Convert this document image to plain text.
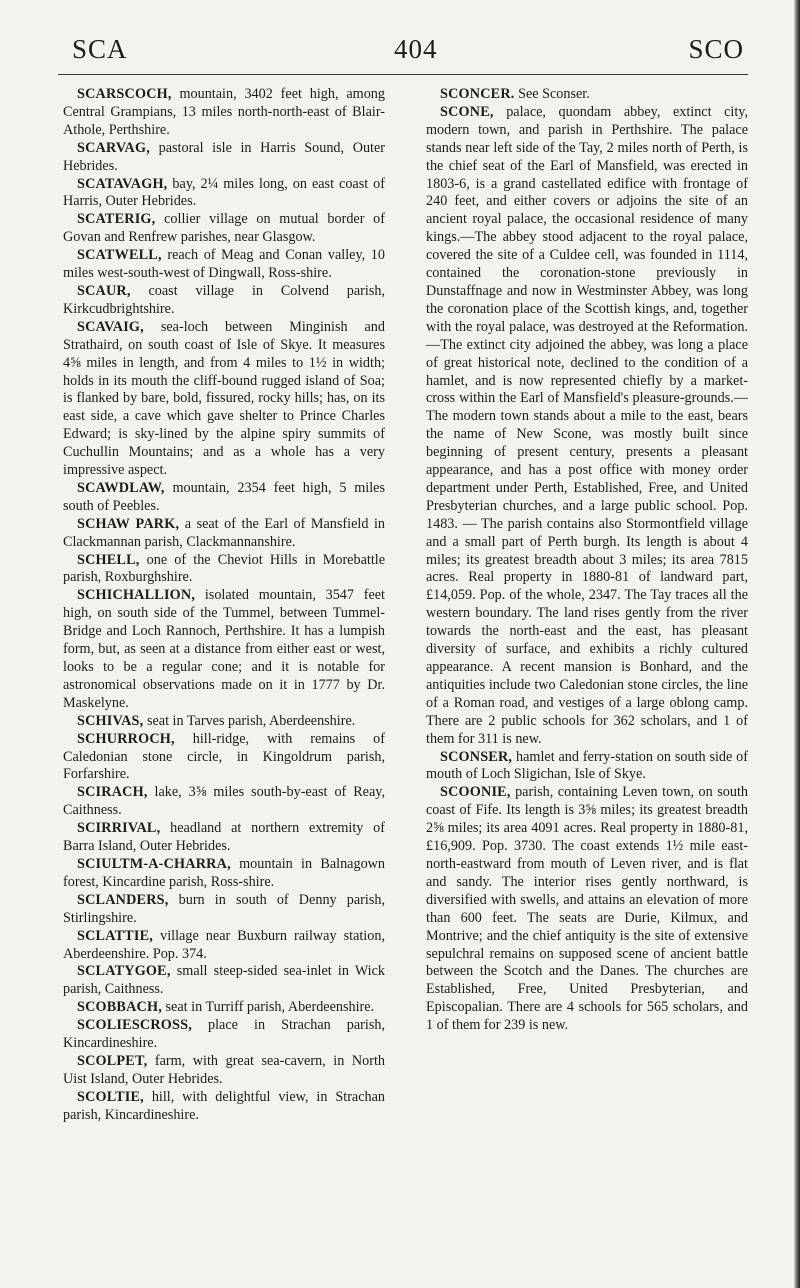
SCA	404	SCO

SCARSCOCH, mountain, 3402 feet high, among Central Grampians, 13 miles north-north-east of Blair-Athole, Perthshire.

SCARVAG, pastoral isle in Harris Sound, Outer Hebrides.

SCATAVAGH, bay, 2¼ miles long, on east coast of Harris, Outer Hebrides.

SCATERIG, collier village on mutual border of Govan and Renfrew parishes, near Glasgow.

SCATWELL, reach of Meag and Conan valley, 10 miles west-south-west of Dingwall, Ross-shire.

SCAUR, coast village in Colvend parish, Kirkcudbrightshire.

SCAVAIG, sea-loch between Minginish and Strathaird, on south coast of Isle of Skye. It measures 4⅝ miles in length, and from 4 miles to 1½ in width; holds in its mouth the cliff-bound rugged island of Soa; is flanked by bare, bold, fissured, rocky hills; has, on its east side, a cave which gave shelter to Prince Charles Edward; is sky-lined by the alpine spiry summits of Cuchullin Mountains; and as a whole has a very impressive aspect.

SCAWDLAW, mountain, 2354 feet high, 5 miles south of Peebles.

SCHAW PARK, a seat of the Earl of Mansfield in Clackmannan parish, Clackmannanshire.

SCHELL, one of the Cheviot Hills in Morebattle parish, Roxburghshire.

SCHICHALLION, isolated mountain, 3547 feet high, on south side of the Tummel, between Tummel-Bridge and Loch Rannoch, Perthshire. It has a lumpish form, but, as seen at a distance from either east or west, looks to be a regular cone; and it is notable for astronomical observations made on it in 1777 by Dr. Maskelyne.

SCHIVAS, seat in Tarves parish, Aberdeenshire.

SCHURROCH, hill-ridge, with remains of Caledonian stone circle, in Kingoldrum parish, Forfarshire.

SCIRACH, lake, 3⅝ miles south-by-east of Reay, Caithness.

SCIRRIVAL, headland at northern extremity of Barra Island, Outer Hebrides.

SCIULTM-A-CHARRA, mountain in Balnagown forest, Kincardine parish, Ross-shire.

SCLANDERS, burn in south of Denny parish, Stirlingshire.

SCLATTIE, village near Buxburn railway station, Aberdeenshire. Pop. 374.

SCLATYGOE, small steep-sided sea-inlet in Wick parish, Caithness.

SCOBBACH, seat in Turriff parish, Aberdeenshire.

SCOLIESCROSS, place in Strachan parish, Kincardineshire.

SCOLPET, farm, with great sea-cavern, in North Uist Island, Outer Hebrides.

SCOLTIE, hill, with delightful view, in Strachan parish, Kincardineshire.

SCONCER. See Sconser.

SCONE, palace, quondam abbey, extinct city, modern town, and parish in Perthshire. The palace stands near left side of the Tay, 2 miles north of Perth, is the chief seat of the Earl of Mansfield, was erected in 1803-6, is a grand castellated edifice with frontage of 240 feet, and either covers or adjoins the site of an ancient royal palace, the occasional residence of many kings.—The abbey stood adjacent to the royal palace, covered the site of a Culdee cell, was founded in 1114, contained the coronation-stone previously in Dunstaffnage and now in Westminster Abbey, was long the coronation place of the Scottish kings, and, together with the royal palace, was destroyed at the Reformation.—The extinct city adjoined the abbey, was long a place of great historical note, declined to the condition of a hamlet, and is now represented chiefly by a market-cross within the Earl of Mansfield's pleasure-grounds.—The modern town stands about a mile to the east, bears the name of New Scone, was mostly built since beginning of present century, presents a pleasant appearance, and has a post office with money order department under Perth, Established, Free, and United Presbyterian churches, and a large public school. Pop. 1483. — The parish contains also Stormontfield village and a small part of Perth burgh. Its length is about 4 miles; its greatest breadth about 3 miles; its area 7815 acres. Real property in 1880-81 of landward part, £14,059. Pop. of the whole, 2347. The Tay traces all the western boundary. The land rises gently from the river towards the north-east and the east, has pleasant diversity of surface, and exhibits a richly cultured appearance. A recent mansion is Bonhard, and the antiquities include two Caledonian stone circles, the line of a Roman road, and vestiges of a large oblong camp. There are 2 public schools for 362 scholars, and 1 of them for 311 is new.

SCONSER, hamlet and ferry-station on south side of mouth of Loch Sligichan, Isle of Skye.

SCOONIE, parish, containing Leven town, on south coast of Fife. Its length is 3⅝ miles; its greatest breadth 2⅝ miles; its area 4091 acres. Real property in 1880-81, £16,909. Pop. 3730. The coast extends 1½ mile east-north-eastward from mouth of Leven river, and is flat and sandy. The interior rises gently northward, is diversified with swells, and attains an elevation of more than 600 feet. The seats are Durie, Kilmux, and Montrive; and the chief antiquity is the site of extensive sepulchral remains on supposed scene of ancient battle between the Scotch and the Danes. The churches are Established, Free, United Presbyterian, and Episcopalian. There are 4 schools for 565 scholars, and 1 of them for 239 is new.
